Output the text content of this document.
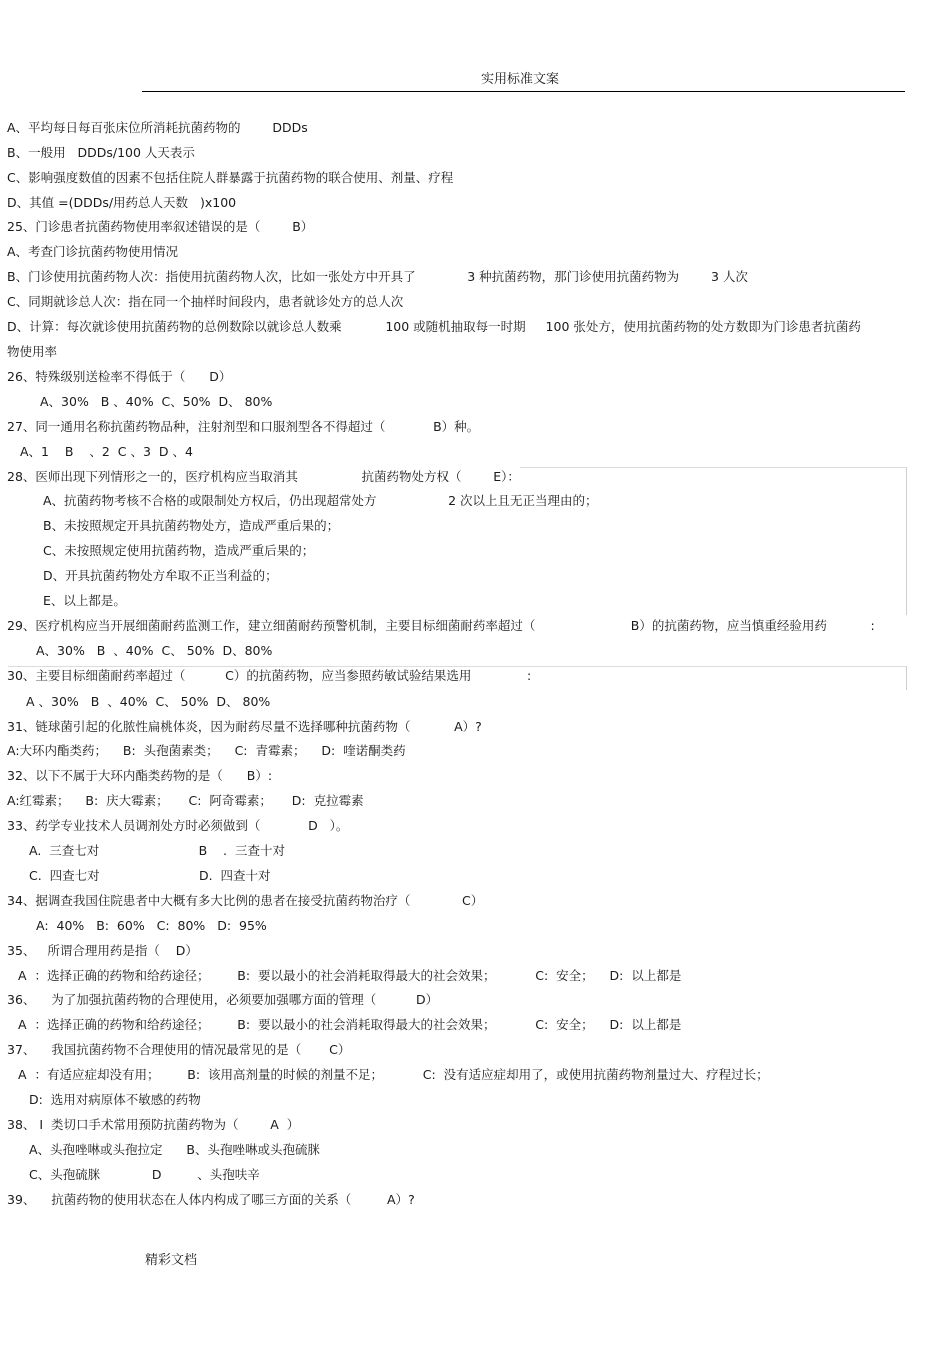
实用标准文案
A、平均每日每百张床位所消耗抗菌药物的        DDDs
B、一般用   DDDs/100 人天表示
C、影响强度数值的因素不包括住院人群暴露于抗菌药物的联合使用、剂量、疗程
D、其值 =(DDDs/用药总人天数   )x100
25、门诊患者抗菌药物使用率叙述错误的是（        B）
A、考查门诊抗菌药物使用情况
B、门诊使用抗菌药物人次：指使用抗菌药物人次，比如一张处方中开具了             3 种抗菌药物，那门诊使用抗菌药物为        3 人次
C、同期就诊总人次：指在同一个抽样时间段内，患者就诊处方的总人次
D、计算：每次就诊使用抗菌药物的总例数除以就诊总人数乘           100 或随机抽取每一时期     100 张处方，使用抗菌药物的处方数即为门诊患者抗菌药
物使用率
26、特殊级别送检率不得低于（      D）
A、30%   B 、40%  C、50%  D、 80%
27、同一通用名称抗菌药物品种，注射剂型和口服剂型各不得超过（            B）种。
A、1    B    、2  C 、3  D 、4
28、医师出现下列情形之一的，医疗机构应当取消其                抗菌药物处方权（        E）：
A、抗菌药物考核不合格的或限制处方权后，仍出现超常处方                  2 次以上且无正当理由的；
B、未按照规定开具抗菌药物处方，造成严重后果的；
C、未按照规定使用抗菌药物，造成严重后果的；
D、开具抗菌药物处方牟取不正当利益的；
E、以上都是。
29、医疗机构应当开展细菌耐药监测工作，建立细菌耐药预警机制，主要目标细菌耐药率超过（                        B）的抗菌药物，应当慎重经验用药           :
A、30%   B  、40%  C、 50%  D、80%
30、主要目标细菌耐药率超过（          C）的抗菌药物，应当参照药敏试验结果选用              :
A 、30%   B  、40%  C、 50%  D、 80%
31、链球菌引起的化脓性扁桃体炎，因为耐药尽量不选择哪种抗菌药物（           A）?
A:大环内酯类药；    B:  头孢菌素类；    C:  青霉素；    D:  喹诺酮类药
32、以下不属于大环内酯类药物的是（      B）:
A:红霉素；    B:  庆大霉素；     C:  阿奇霉素；     D:  克拉霉素
33、药学专业技术人员调剂处方时必须做到（            D   ）。
A.  三查七对                         B    .  三查十对
C.  四查七对                         D.  四查十对
34、据调查我国住院患者中大概有多大比例的患者在接受抗菌药物治疗（             C）
A:  40%   B:  60%   C:  80%   D:  95%
35、   所谓合理用药是指（    D）
A  ：选择正确的药物和给药途径；       B:  要以最小的社会消耗取得最大的社会效果；          C:  安全；    D:  以上都是
36、    为了加强抗菌药物的合理使用，必须要加强哪方面的管理（          D）
A  ：选择正确的药物和给药途径；       B:  要以最小的社会消耗取得最大的社会效果；          C:  安全；    D:  以上都是
37、    我国抗菌药物不合理使用的情况最常见的是（       C）
A  ：有适应症却没有用；       B:  该用高剂量的时候的剂量不足；          C:  没有适应症却用了，或使用抗菌药物剂量过大、疗程过长；
D:  选用对病原体不敏感的药物
38、 I  类切口手术常用预防抗菌药物为（        A  ）
A、头孢唑啉或头孢拉定      B、头孢唑啉或头孢硫脒
C、头孢硫脒             D         、头孢呋辛
39、    抗菌药物的使用状态在人体内构成了哪三方面的关系（         A）?
精彩文档
